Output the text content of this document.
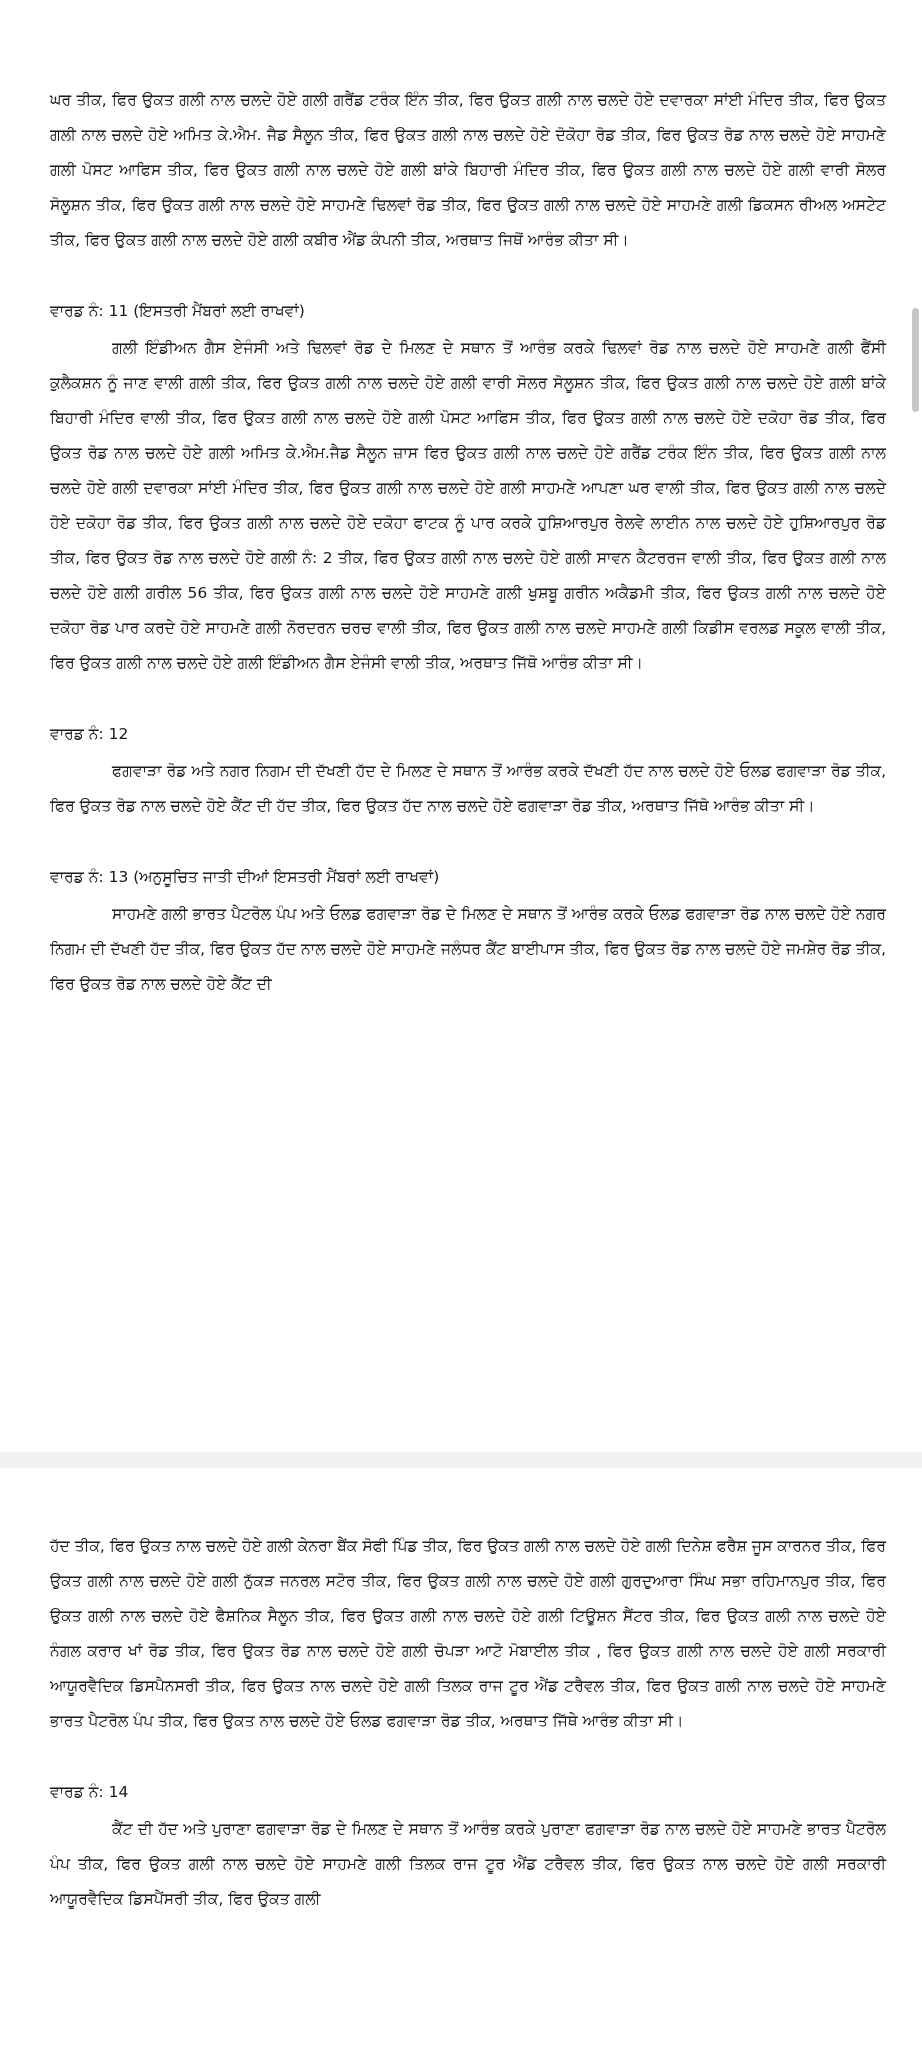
ਘਰ ਤੀਕ, ਫਿਰ ਉਕਤ ਗਲੀ ਨਾਲ ਚਲਦੇ ਹੋਏ ਗਲੀ ਗਰੈਂਡ ਟਰੰਕ ਇੰਨ ਤੀਕ, ਫਿਰ ਉਕਤ ਗਲੀ ਨਾਲ ਚਲਦੇ ਹੋਏ ਦਵਾਰਕਾ ਸਾਂਈ ਮੰਦਿਰ ਤੀਕ, ਫਿਰ ਉਕਤ ਗਲੀ ਨਾਲ ਚਲਦੇ ਹੋਏ ਅਮਿਤ ਕੇ.ਐਮ. ਜੈਡ ਸੈਲੂਨ ਤੀਕ, ਫਿਰ ਉਕਤ ਗਲੀ ਨਾਲ ਚਲਦੇ ਹੋਏ ਦੋਕੋਹਾ ਰੋਡ ਤੀਕ, ਫਿਰ ਉਕਤ ਰੋਡ ਨਾਲ ਚਲਦੇ ਹੋਏ ਸਾਹਮਣੇ ਗਲੀ ਪੋਸਟ ਆਫਿਸ ਤੀਕ, ਫਿਰ ਉਕਤ ਗਲੀ ਨਾਲ ਚਲਦੇ ਹੋਏ ਗਲੀ ਬਾਂਕੇ ਬਿਹਾਰੀ ਮੰਦਿਰ ਤੀਕ, ਫਿਰ ਉਕਤ ਗਲੀ ਨਾਲ ਚਲਦੇ ਹੋਏ ਗਲੀ ਵਾਰੀ ਸੋਲਰ ਸੋਲੂਸ਼ਨ ਤੀਕ, ਫਿਰ ਉਕਤ ਗਲੀ ਨਾਲ ਚਲਦੇ ਹੋਏ ਸਾਹਮਣੇ ਢਿਲਵਾਂ ਰੋਡ ਤੀਕ, ਫਿਰ ਉਕਤ ਗਲੀ ਨਾਲ ਚਲਦੇ ਹੋਏ ਸਾਹਮਣੇ ਗਲੀ ਡਿਕਸਨ ਰੀਅਲ ਅਸਟੇਟ ਤੀਕ, ਫਿਰ ਉਕਤ ਗਲੀ ਨਾਲ ਚਲਦੇ ਹੋਏ ਗਲੀ ਕਬੀਰ ਐਂਡ ਕੰਪਨੀ ਤੀਕ, ਅਰਥਾਤ ਜਿਥੋਂ ਆਰੰਭ ਕੀਤਾ ਸੀ।

ਵਾਰਡ ਨੰ: 11 (ਇਸਤਰੀ ਮੈਂਬਰਾਂ ਲਈ ਰਾਖਵਾਂ)

ਗਲੀ ਇੰਡੀਅਨ ਗੈਸ ਏਜੰਸੀ ਅਤੇ ਢਿਲਵਾਂ ਰੋਡ ਦੇ ਮਿਲਣ ਦੇ ਸਥਾਨ ਤੋਂ ਆਰੰਭ ਕਰਕੇ ਢਿਲਵਾਂ ਰੋਡ ਨਾਲ ਚਲਦੇ ਹੋਏ ਸਾਹਮਣੇ ਗਲੀ ਫੈਂਸੀ ਕੁਲੈਕਸ਼ਨ ਨੂੰ ਜਾਣ ਵਾਲੀ ਗਲੀ ਤੀਕ, ਫਿਰ ਉਕਤ ਗਲੀ ਨਾਲ ਚਲਦੇ ਹੋਏ ਗਲੀ ਵਾਰੀ ਸੋਲਰ ਸੋਲੂਸ਼ਨ ਤੀਕ, ਫਿਰ ਉਕਤ ਗਲੀ ਨਾਲ ਚਲਦੇ ਹੋਏ ਗਲੀ ਬਾਂਕੇ ਬਿਹਾਰੀ ਮੰਦਿਰ ਵਾਲੀ ਤੀਕ, ਫਿਰ ਉਕਤ ਗਲੀ ਨਾਲ ਚਲਦੇ ਹੋਏ ਗਲੀ ਪੋਸਟ ਆਫਿਸ ਤੀਕ, ਫਿਰ ਉਕਤ ਗਲੀ ਨਾਲ ਚਲਦੇ ਹੋਏ ਦਕੋਹਾ ਰੋਡ ਤੀਕ, ਫਿਰ ਉਕਤ ਰੋਡ ਨਾਲ ਚਲਦੇ ਹੋਏ ਗਲੀ ਅਮਿਤ ਕੇ.ਐਮ.ਜੈਡ ਸੈਲੂਨ ਜ਼ਾਸ ਫਿਰ ਉਕਤ ਗਲੀ ਨਾਲ ਚਲਦੇ ਹੋਏ ਗਰੈਂਡ ਟਰੰਕ ਇੰਨ ਤੀਕ, ਫਿਰ ਉਕਤ ਗਲੀ ਨਾਲ ਚਲਦੇ ਹੋਏ ਗਲੀ ਦਵਾਰਕਾ ਸਾਂਈ ਮੰਦਿਰ ਤੀਕ, ਫਿਰ ਉਕਤ ਗਲੀ ਨਾਲ ਚਲਦੇ ਹੋਏ ਗਲੀ ਸਾਹਮਣੇ ਆਪਣਾ ਘਰ ਵਾਲੀ ਤੀਕ, ਫਿਰ ਉਕਤ ਗਲੀ ਨਾਲ ਚਲਦੇ ਹੋਏ ਦਕੋਹਾ ਰੋਡ ਤੀਕ, ਫਿਰ ਉਕਤ ਗਲੀ ਨਾਲ ਚਲਦੇ ਹੋਏ ਦਕੋਹਾ ਫਾਟਕ ਨੂੰ ਪਾਰ ਕਰਕੇ ਹੁਸ਼ਿਆਰਪੁਰ ਰੇਲਵੇ ਲਾਈਨ ਨਾਲ ਚਲਦੇ ਹੋਏ ਹੁਸ਼ਿਆਰਪੁਰ ਰੋਡ ਤੀਕ, ਫਿਰ ਉਕਤ ਰੋਡ ਨਾਲ ਚਲਦੇ ਹੋਏ ਗਲੀ ਨੰ: 2 ਤੀਕ, ਫਿਰ ਉਕਤ ਗਲੀ ਨਾਲ ਚਲਦੇ ਹੋਏ ਗਲੀ ਸਾਵਨ ਕੈਟਰਰਜ ਵਾਲੀ ਤੀਕ, ਫਿਰ ਉਕਤ ਗਲੀ ਨਾਲ ਚਲਦੇ ਹੋਏ ਗਲੀ ਗਰੀਲ 56 ਤੀਕ, ਫਿਰ ਉਕਤ ਗਲੀ ਨਾਲ ਚਲਦੇ ਹੋਏ ਸਾਹਮਣੇ ਗਲੀ ਖੁਸ਼ਬੂ ਗਰੀਨ ਅਕੈਡਮੀ ਤੀਕ, ਫਿਰ ਉਕਤ ਗਲੀ ਨਾਲ ਚਲਦੇ ਹੋਏ ਦਕੋਹਾ ਰੋਡ ਪਾਰ ਕਰਦੇ ਹੋਏ ਸਾਹਮਣੇ ਗਲੀ ਨੋਰਦਰਨ ਚਰਚ ਵਾਲੀ ਤੀਕ, ਫਿਰ ਉਕਤ ਗਲੀ ਨਾਲ ਚਲਦੇ ਸਾਹਮਣੇ ਗਲੀ ਕਿਡੀਸ ਵਰਲਡ ਸਕੂਲ ਵਾਲੀ ਤੀਕ, ਫਿਰ ਉਕਤ ਗਲੀ ਨਾਲ ਚਲਦੇ ਹੋਏ ਗਲੀ ਇੰਡੀਅਨ ਗੈਸ ਏਜੰਸੀ ਵਾਲੀ ਤੀਕ, ਅਰਥਾਤ ਜਿੱਥੋ ਆਰੰਭ ਕੀਤਾ ਸੀ।

ਵਾਰਡ ਨੰ: 12

ਫਗਵਾੜਾ ਰੋਡ ਅਤੇ ਨਗਰ ਨਿਗਮ ਦੀ ਦੱਖਣੀ ਹੱਦ ਦੇ ਮਿਲਣ ਦੇ ਸਥਾਨ ਤੋਂ ਆਰੰਭ ਕਰਕੇ ਦੱਖਣੀ ਹੱਦ ਨਾਲ ਚਲਦੇ ਹੋਏ ਓਲਡ ਫਗਵਾੜਾ ਰੋਡ ਤੀਕ, ਫਿਰ ਉਕਤ ਰੋਡ ਨਾਲ ਚਲਦੇ ਹੋਏ ਕੈਂਟ ਦੀ ਹੱਦ ਤੀਕ, ਫਿਰ ਉਕਤ ਹੱਦ ਨਾਲ ਚਲਦੇ ਹੋਏ ਫਗਵਾੜਾ ਰੋਡ ਤੀਕ, ਅਰਥਾਤ ਜਿੱਥੋ ਆਰੰਭ ਕੀਤਾ ਸੀ।

ਵਾਰਡ ਨੰ: 13 (ਅਨੁਸੂਚਿਤ ਜਾਤੀ ਦੀਆਂ ਇਸਤਰੀ ਮੈਂਬਰਾਂ ਲਈ ਰਾਖਵਾਂ)

ਸਾਹਮਣੇ ਗਲੀ ਭਾਰਤ ਪੈਟਰੋਲ ਪੰਪ ਅਤੇ ਓਲਡ ਫਗਵਾੜਾ ਰੋਡ ਦੇ ਮਿਲਣ ਦੇ ਸਥਾਨ ਤੋਂ ਆਰੰਭ ਕਰਕੇ ਓਲਡ ਫਗਵਾੜਾ ਰੋਡ ਨਾਲ ਚਲਦੇ ਹੋਏ ਨਗਰ ਨਿਗਮ ਦੀ ਦੱਖਣੀ ਹੱਦ ਤੀਕ, ਫਿਰ ਉਕਤ ਹੱਦ ਨਾਲ ਚਲਦੇ ਹੋਏ ਸਾਹਮਣੇ ਜਲੰਧਰ ਕੈਂਟ ਬਾਈਪਾਸ ਤੀਕ, ਫਿਰ ਉਕਤ ਰੋਡ ਨਾਲ ਚਲਦੇ ਹੋਏ ਜਮਸ਼ੇਰ ਰੋਡ ਤੀਕ, ਫਿਰ ਉਕਤ ਰੋਡ ਨਾਲ ਚਲਦੇ ਹੋਏ ਕੈਂਟ ਦੀ

ਹੱਦ ਤੀਕ, ਫਿਰ ਉਕਤ ਨਾਲ ਚਲਦੇ ਹੋਏ ਗਲੀ ਕੇਨਰਾ ਬੈਂਕ ਸੋਫੀ ਪਿੰਡ ਤੀਕ, ਫਿਰ ਉਕਤ ਗਲੀ ਨਾਲ ਚਲਦੇ ਹੋਏ ਗਲੀ ਦਿਨੇਸ਼ ਫਰੈਸ਼ ਜੂਸ ਕਾਰਨਰ ਤੀਕ, ਫਿਰ ਉਕਤ ਗਲੀ ਨਾਲ ਚਲਦੇ ਹੋਏ ਗਲੀ ਨੁੱਕੜ ਜਨਰਲ ਸਟੋਰ ਤੀਕ, ਫਿਰ ਉਕਤ ਗਲੀ ਨਾਲ ਚਲਦੇ ਹੋਏ ਗਲੀ ਗੁਰਦੁਆਰਾ ਸਿੰਘ ਸਭਾ ਰਹਿਮਾਨਪੁਰ ਤੀਕ, ਫਿਰ ਉਕਤ ਗਲੀ ਨਾਲ ਚਲਦੇ ਹੋਏ ਫੈਸ਼ਨਿਕ ਸੈਲੂਨ ਤੀਕ, ਫਿਰ ਉਕਤ ਗਲੀ ਨਾਲ ਚਲਦੇ ਹੋਏ ਗਲੀ ਟਿਊਸ਼ਨ ਸੈਂਟਰ ਤੀਕ, ਫਿਰ ਉਕਤ ਗਲੀ ਨਾਲ ਚਲਦੇ ਹੋਏ ਨੰਗਲ ਕਰਾਰ ਖਾਂ ਰੋਡ ਤੀਕ, ਫਿਰ ਉਕਤ ਰੋਡ ਨਾਲ ਚਲਦੇ ਹੋਏ ਗਲੀ ਚੋਪੜਾ ਆਟੋ ਮੋਬਾਈਲ ਤੀਕ , ਫਿਰ ਉਕਤ ਗਲੀ ਨਾਲ ਚਲਦੇ ਹੋਏ ਗਲੀ ਸਰਕਾਰੀ ਆਯੂਰਵੈਦਿਕ ਡਿਸਪੈਨਸਰੀ ਤੀਕ, ਫਿਰ ਉਕਤ ਨਾਲ ਚਲਦੇ ਹੋਏ ਗਲੀ ਤਿਲਕ ਰਾਜ ਟੂਰ ਐਂਡ ਟਰੈਵਲ ਤੀਕ, ਫਿਰ ਉਕਤ ਗਲੀ ਨਾਲ ਚਲਦੇ ਹੋਏ ਸਾਹਮਣੇ ਭਾਰਤ ਪੈਟਰੋਲ ਪੰਪ ਤੀਕ, ਫਿਰ ਉਕਤ ਨਾਲ ਚਲਦੇ ਹੋਏ ਓਲਡ ਫਗਵਾੜਾ ਰੋਡ ਤੀਕ, ਅਰਥਾਤ ਜਿੱਥੇ ਆਰੰਭ ਕੀਤਾ ਸੀ।

ਵਾਰਡ ਨੰ: 14

ਕੈਂਟ ਦੀ ਹੱਦ ਅਤੇ ਪੁਰਾਣਾ ਫਗਵਾੜਾ ਰੋਡ ਦੇ ਮਿਲਣ ਦੇ ਸਥਾਨ ਤੋਂ ਆਰੰਭ ਕਰਕੇ ਪੁਰਾਣਾ ਫਗਵਾੜਾ ਰੋਡ ਨਾਲ ਚਲਦੇ ਹੋਏ ਸਾਹਮਣੇ ਭਾਰਤ ਪੈਟਰੋਲ ਪੰਪ ਤੀਕ, ਫਿਰ ਉਕਤ ਗਲੀ ਨਾਲ ਚਲਦੇ ਹੋਏ ਸਾਹਮਣੇ ਗਲੀ ਤਿਲਕ ਰਾਜ ਟੂਰ ਐਂਡ ਟਰੈਵਲ ਤੀਕ, ਫਿਰ ਉਕਤ ਨਾਲ ਚਲਦੇ ਹੋਏ ਗਲੀ ਸਰਕਾਰੀ ਆਯੂਰਵੈਦਿਕ ਡਿਸਪੈਂਸਰੀ ਤੀਕ, ਫਿਰ ਉਕਤ ਗਲੀ
